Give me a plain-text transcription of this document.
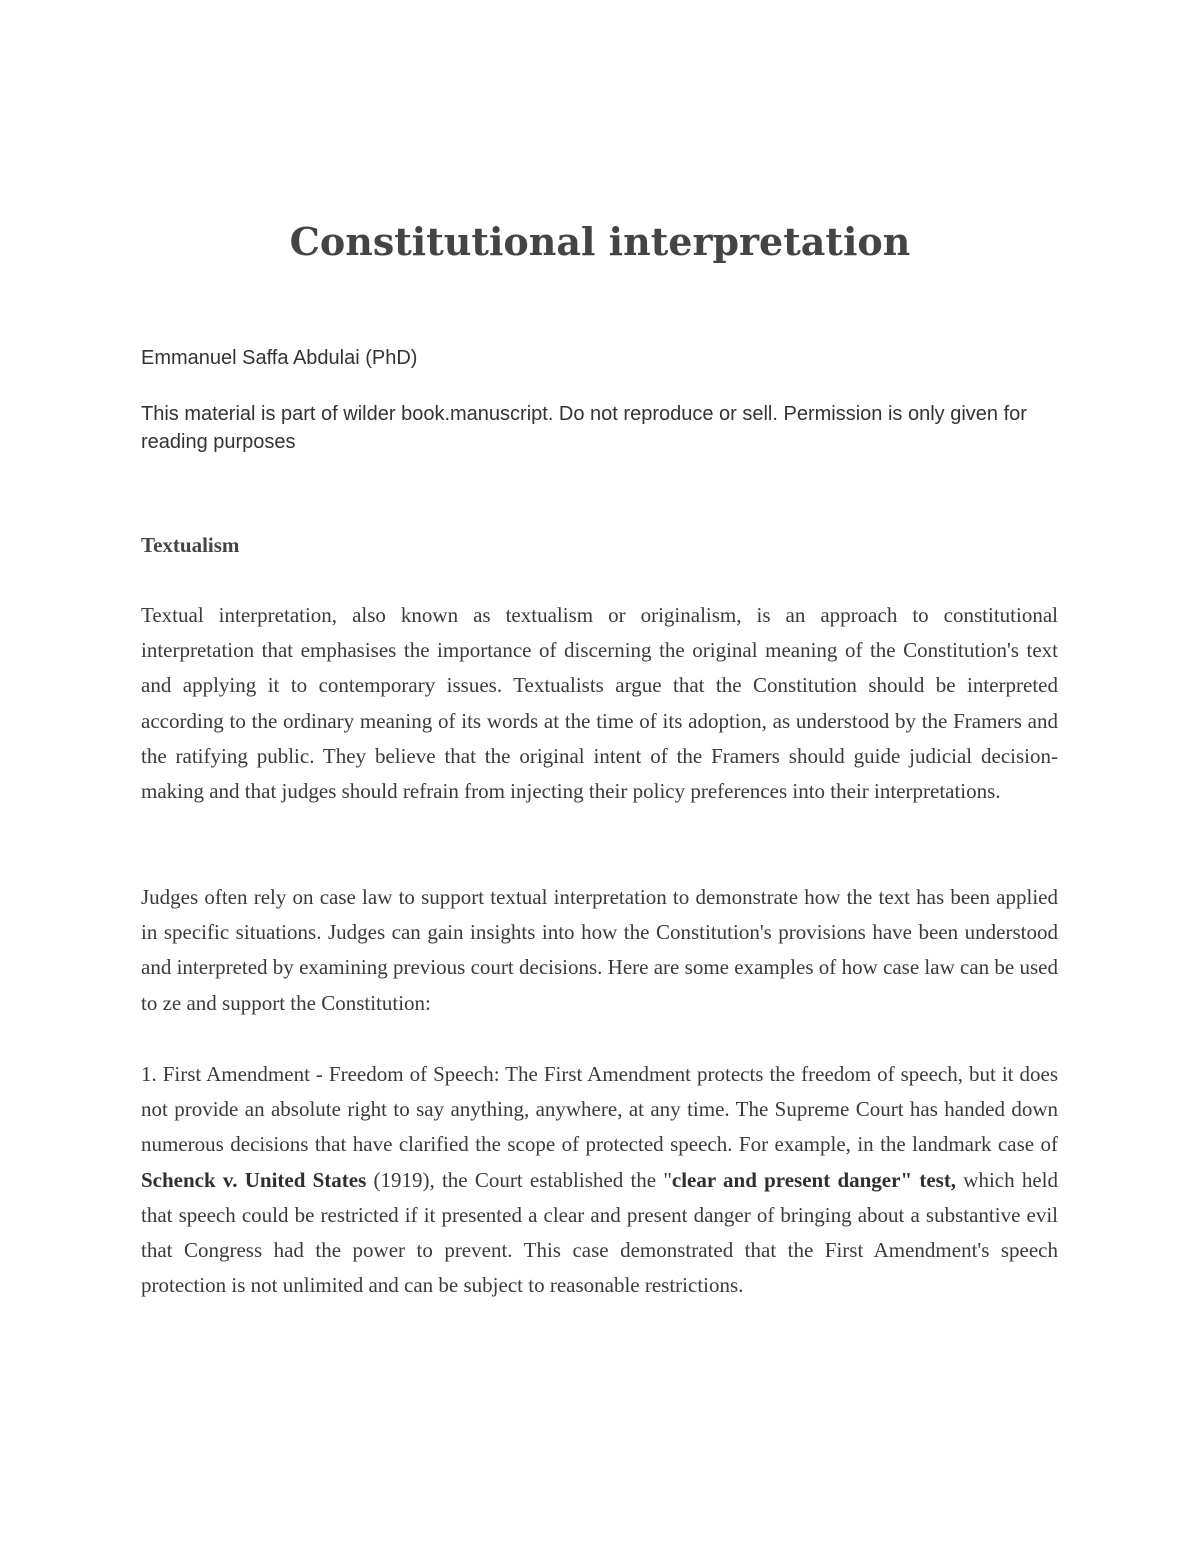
Constitutional interpretation

Emmanuel Saffa Abdulai (PhD)

This material is part of wilder book.manuscript. Do not reproduce or sell. Permission is only given for reading purposes

Textualism

Textual interpretation, also known as textualism or originalism, is an approach to constitutional interpretation that emphasises the importance of discerning the original meaning of the Constitution's text and applying it to contemporary issues. Textualists argue that the Constitution should be interpreted according to the ordinary meaning of its words at the time of its adoption, as understood by the Framers and the ratifying public. They believe that the original intent of the Framers should guide judicial decision-making and that judges should refrain from injecting their policy preferences into their interpretations.

Judges often rely on case law to support textual interpretation to demonstrate how the text has been applied in specific situations. Judges can gain insights into how the Constitution's provisions have been understood and interpreted by examining previous court decisions. Here are some examples of how case law can be used to ze and support the Constitution:

1. First Amendment - Freedom of Speech: The First Amendment protects the freedom of speech, but it does not provide an absolute right to say anything, anywhere, at any time. The Supreme Court has handed down numerous decisions that have clarified the scope of protected speech. For example, in the landmark case of Schenck v. United States (1919), the Court established the "clear and present danger" test, which held that speech could be restricted if it presented a clear and present danger of bringing about a substantive evil that Congress had the power to prevent. This case demonstrated that the First Amendment's speech protection is not unlimited and can be subject to reasonable restrictions.
